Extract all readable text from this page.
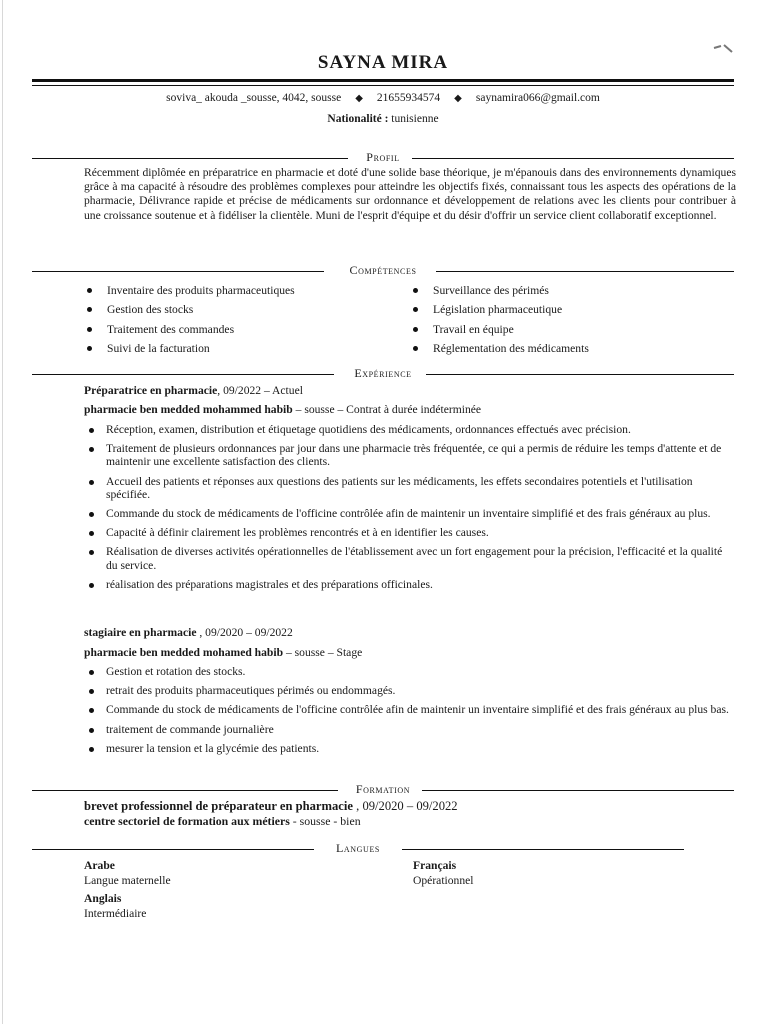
SAYNA MIRA
soviva_ akouda _sousse, 4042, sousse ◆ 21655934574 ◆ saynamira066@gmail.com
Nationalité : tunisienne
Profil
Récemment diplômée en préparatrice en pharmacie et doté d'une solide base théorique, je m'épanouis dans des environnements dynamiques grâce à ma capacité à résoudre des problèmes complexes pour atteindre les objectifs fixés, connaissant tous les aspects des opérations de la pharmacie, Délivrance rapide et précise de médicaments sur ordonnance et développement de relations avec les clients pour contribuer à une croissance soutenue et à fidéliser la clientèle. Muni de l'esprit d'équipe et du désir d'offrir un service client collaboratif exceptionnel.
Compétences
Inventaire des produits pharmaceutiques
Gestion des stocks
Traitement des commandes
Suivi de la facturation
Surveillance des périmés
Législation pharmaceutique
Travail en équipe
Réglementation des médicaments
Expérience
Préparatrice en pharmacie, 09/2022 – Actuel
pharmacie ben medded mohammed habib – sousse – Contrat à durée indéterminée
Réception, examen, distribution et étiquetage quotidiens des médicaments, ordonnances effectués avec précision.
Traitement de plusieurs ordonnances par jour dans une pharmacie très fréquentée, ce qui a permis de réduire les temps d'attente et de maintenir une excellente satisfaction des clients.
Accueil des patients et réponses aux questions des patients sur les médicaments, les effets secondaires potentiels et l'utilisation spécifiée.
Commande du stock de médicaments de l'officine contrôlée afin de maintenir un inventaire simplifié et des frais généraux au plus.
Capacité à définir clairement les problèmes rencontrés et à en identifier les causes.
Réalisation de diverses activités opérationnelles de l'établissement avec un fort engagement pour la précision, l'efficacité et la qualité du service.
réalisation des préparations magistrales et des préparations officinales.
stagiaire en pharmacie , 09/2020 – 09/2022
pharmacie ben medded mohamed habib – sousse – Stage
Gestion et rotation des stocks.
retrait des produits pharmaceutiques périmés ou endommagés.
Commande du stock de médicaments de l'officine contrôlée afin de maintenir un inventaire simplifié et des frais généraux au plus bas.
traitement de commande journalière
mesurer la tension et la glycémie des patients.
Formation
brevet professionnel de préparateur en pharmacie , 09/2020 – 09/2022
centre sectoriel de formation aux métiers - sousse - bien
Langues
Arabe
Langue maternelle
Français
Opérationnel
Anglais
Intermédiaire
